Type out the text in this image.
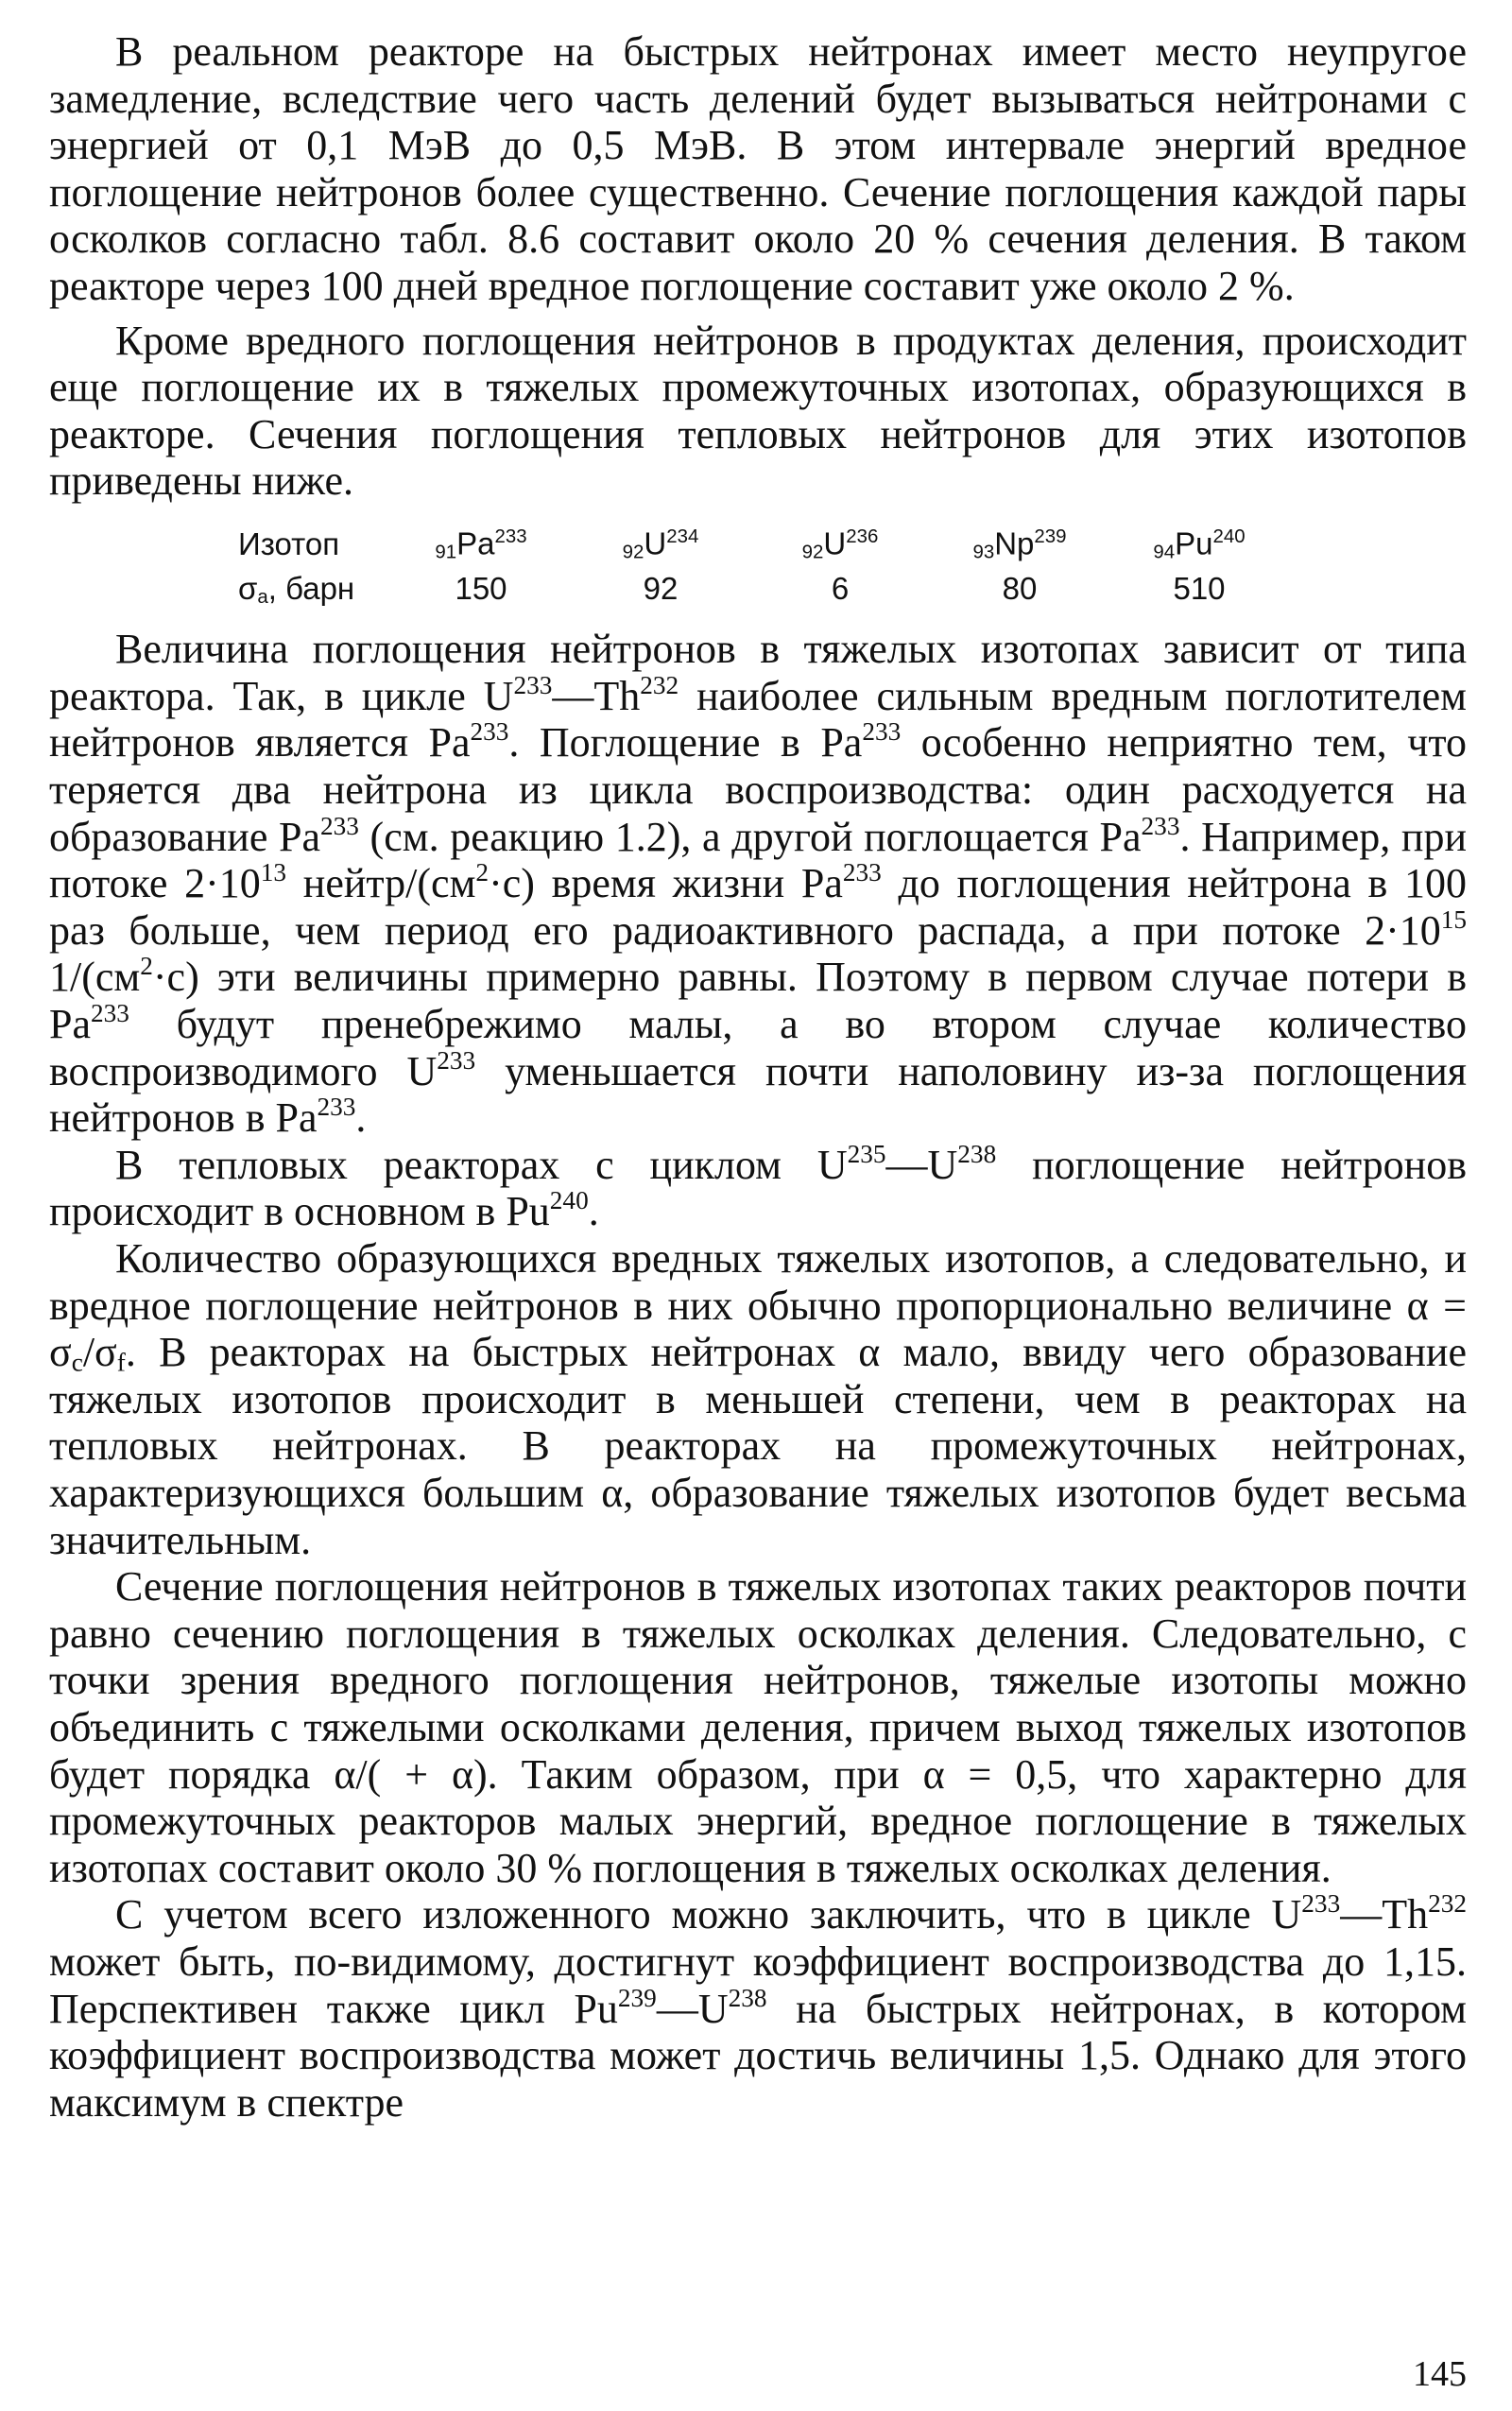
В реальном реакторе на быстрых нейтронах имеет место неупругое замедление, вследствие чего часть делений будет вызываться нейтронами с энергией от 0,1 МэВ до 0,5 МэВ. В этом интервале энергий вредное поглощение нейтронов более существенно. Сечение поглощения каждой пары осколков согласно табл. 8.6 составит около 20 % сечения деления. В таком реакторе через 100 дней вредное поглощение составит уже около 2 %.

Кроме вредного поглощения нейтронов в продуктах деления, происходит еще поглощение их в тяжелых промежуточных изотопах, образующихся в реакторе. Сечения поглощения тепловых нейтронов для этих изотопов приведены ниже.

Изотоп	91Pa$^{233}$	$92U^{234}$	$92U^{236}$	93Np$^{239}$	94Pu$^{240}$
$\sigma_a$, барн	150	92	6	80	510

Величина поглощения нейтронов в тяжелых изотопах зависит от типа реактора. Так, в цикле $U^{233}—Th^{232}$ наиболее сильным вредным поглотителем нейтронов является Pa$^{233}$. Поглощение в Pa$^{233}$ особенно неприятно тем, что теряется два нейтрона из цикла воспроизводства: один расходуется на образование Pa$^{233}$ (см. реакцию 1.2), а другой поглощается Pa$^{233}$. Например, при потоке $2\cdot 10^{13}$ нейтр/$(см^2\cdot с)$ время жизни Pa$^{233}$ до поглощения нейтрона в 100 раз больше, чем период его радиоактивного распада, а при потоке $2\cdot 10^{15}$ $1/(см^2\cdot с)$ эти величины примерно равны. Поэтому в первом случае потери в Pa$^{233}$ будут пренебрежимо малы, а во втором случае количество воспроизводимого $U^{233}$ уменьшается почти наполовину из-за поглощения нейтронов в Pa$^{233}$.

В тепловых реакторах с циклом $U^{235}—U^{238}$ поглощение нейтронов происходит в основном в Pu$^{240}$.

Количество образующихся вредных тяжелых изотопов, а следовательно, и вредное поглощение нейтронов в них обычно пропорционально величине $\alpha = \sigma_c/\sigma_f$. В реакторах на быстрых нейтронах α мало, ввиду чего образование тяжелых изотопов происходит в меньшей степени, чем в реакторах на тепловых нейтронах. В реакторах на промежуточных нейтронах, характеризующихся большим α, образование тяжелых изотопов будет весьма значительным.

Сечение поглощения нейтронов в тяжелых изотопах таких реакторов почти равно сечению поглощения в тяжелых осколках деления. Следовательно, с точки зрения вредного поглощения нейтронов, тяжелые изотопы можно объединить с тяжелыми осколками деления, причем выход тяжелых изотопов будет порядка α/( + α). Таким образом, при α = 0,5, что характерно для промежуточных реакторов малых энергий, вредное поглощение в тяжелых изотопах составит около 30 % поглощения в тяжелых осколках деления.

С учетом всего изложенного можно заключить, что в цикле $U^{233}—Th^{232}$ может быть, по-видимому, достигнут коэффициент воспроизводства до 1,15. Перспективен также цикл $Pu^{239}—U^{238}$ на быстрых нейтронах, в котором коэффициент воспроизводства может достичь величины 1,5. Однако для этого максимум в спектре

145
